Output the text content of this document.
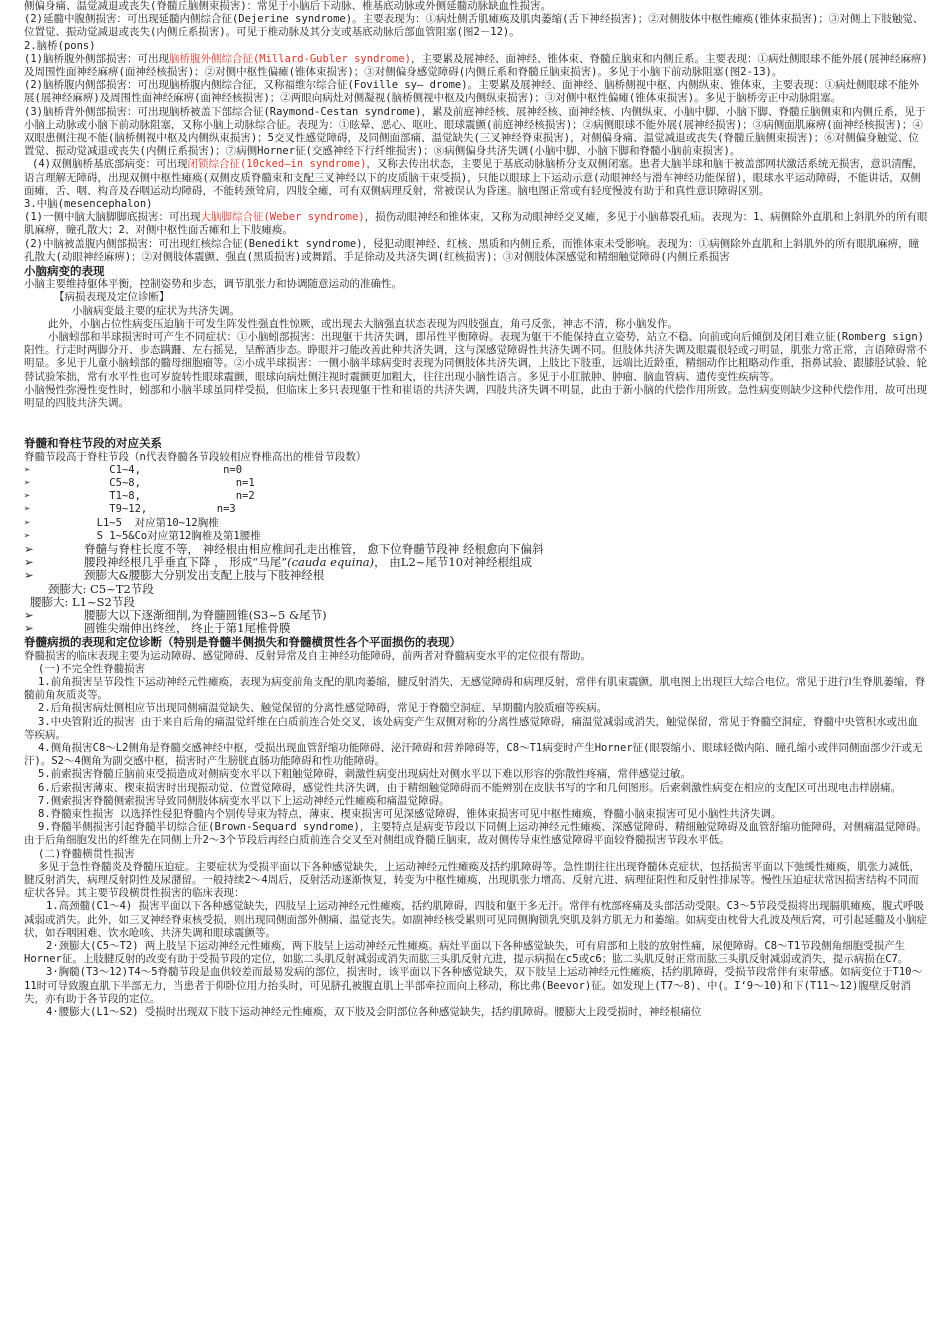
侧偏身痛、温觉减退或丧失(脊髓丘脑侧束损害)：常见于小脑后下动脉、椎基底动脉或外侧延髓动脉缺血性损害。

(2)延髓中腹侧损害：可出现延髓内侧综合征(Dejerine syndrome)。主要表现为：①病灶侧舌肌瘫痪及肌肉萎缩(舌下神经损害)；②对侧肢体中枢性瘫痪(锥体束损害)；③对侧上下肢触觉、位置觉、振动觉减退或丧失(内侧丘系损害)。可见于椎动脉及其分支或基底动脉后部血管阻塞(图2－12)。

2.脑桥(pons)

(1)脑桥腹外侧部损害：可出现脑桥腹外侧综合征(Millard-Gubler syndrome)，主要累及展神经、面神经、锥体束、脊髓丘脑束和内侧丘系。主要表现：①病灶侧眼球不能外展(展神经麻痹)及周围性面神经麻痹(面神经核损害)；②对侧中枢性偏瘫(锥体束损害)；③对侧偏身感觉障碍(内侧丘系和脊髓丘脑束损害)。多见于小脑下前动脉阻塞(图2-13)。

(2)脑桥腹内侧部损害：可出现脑桥腹内侧综合征，又称福维尔综合征(Foville sy— drome)。主要累及展神经、面神经、脑桥侧视中枢、内侧纵束、锥体束，主要表现：①病灶侧眼球不能外展(展神经麻痹)及周围性面神经麻痹(面神经核损害)；②两眼向病灶对侧凝视(脑桥侧视中枢及内侧纵束损害)；③对侧中枢性偏瘫(锥体束损害)。多见于脑桥旁正中动脉阻塞。

(3)脑桥背外侧部损害：可出现脑桥被盖下部综合征(Raymond-Cestan syndrome)，累及前庭神经核、展神经核、面神经核、内侧纵束、小脑中脚、小脑下脚、脊髓丘脑侧束和内侧丘系，见于小脑上动脉或小脑下前动脉阻塞，又称小脑上动脉综合征。表现为：①眩晕、恶心、呕吐、眼球震颤(前庭神经核损害)；②病侧眼球不能外展(展神经损害)；③病侧面肌麻痹(面神经核损害)；④双眼患侧注视不能(脑桥侧视中枢及内侧纵束损害)；5交叉性感觉障碍，及同侧面部痛、温觉缺失(三叉神经脊束损害)，对侧偏身痛、温觉减退或丧失(脊髓丘脑侧束损害)；⑥对侧偏身触觉、位置觉、振动觉减退或丧失(内侧丘系损害)；⑦病侧Horner征(交感神经下行纤维损害)；⑧病侧偏身共济失调(小脑中脚、小脑下脚和脊髓小脑前束损害)。

(4)双侧脑桥基底部病变：可出现闭锁综合征(10cked—in syndrome)，又称去传出状态，主要见于基底动脉脑桥分支双侧闭塞。患者大脑半球和脑干被盖部网状激活系统无损害，意识清醒，语言理解无障碍，出现双侧中枢性瘫痪(双侧皮质脊髓束和支配三叉神经以下的皮质脑干束受损)，只能以眼球上下运动示意(动眼神经与滑车神经功能保留)，眼球水平运动障碍，不能讲话，双侧面瘫，舌、咽、构音及吞咽运动均障碍，不能转颈耸肩，四肢全瘫，可有双侧病理反射，常被误认为昏迷。脑电图正常或有轻度慢波有助于和真性意识障碍区别。

3.中脑(mesencephalon)

(1)一侧中脑大脑脚脚底损害：可出现大脑脚综合征(Weber syndrome)，损伤动眼神经和锥体束，又称为动眼神经交叉瘫，多见于小脑幕裂孔疝。表现为：1、病侧除外直肌和上斜肌外的所有眼肌麻痹，瞳孔散大；2、对侧中枢性面舌瘫和上下肢瘫痪。

(2)中脑被盖腹内侧部损害：可出现红核综合征(Benedikt syndrome)，侵犯动眼神经、红核、黑质和内侧丘系，而锥体束未受影响。表现为：①病侧除外直肌和上斜肌外的所有眼肌麻痹，瞳孔散大(动眼神经麻痹)；②对侧肢体震颤、强直(黑质损害)或舞蹈、手足徐动及共济失调(红核损害)；③对侧肢体深感觉和精细触觉障碍(内侧丘系损害

小脑病变的表现

小脑主要维持躯体平衡，控制姿势和步态，调节肌张力和协调随意运动的准确性。

【病损表现及定位诊断】

小脑病变最主要的症状为共济失调。

此外，小脑占位性病变压迫脑干可发生阵发性强直性惊厥，或出现去大脑强直状态表现为四肢强直，角弓反张，神志不清，称小脑发作。

小脑蚓部和半球损害时可产生不同症状：①小脑蚓部损害：出现躯干共济失调，即吊性平衡障碍。表现为躯干不能保持直立姿势，站立不稳、向前或向后倾倒及闭目难立征(Romberg sign)阳性。行走时两脚分开、步态蹒跚、左右摇晃，呈醉酒步态。睁眼并刁能改善此种共济失调，这与深感觉障碍性共济失调不同。但肢体共济失调及眼震很轻或刁明显，肌张力常正常，言语障碍常不明显。多见于儿童小脑蚓部的髓母细胞瘤等。②小成半球损害：一侧小脑半球病变时表现为同侧肢体共济失调，上肢比下肢重，远端比近龄重，精细动作比粗略动作重，指鼻试验、跟膝胫试验、轮替试验笨拙，常有水平性也可岁旋转性眼球震颤，眼球向病灶侧注视时震颤更加粗大，往往出现小脑性语言。多见于小肛脓肿、肿瘤、脑血管病、遗传变性疾病等。

小脑慢性弥漫性变性时，蚓部和小脑半球虽同样受损，但临床上多只表现躯干性和崔语的共济失调，四肢共济失调不明显，此由于新小脑的代偿作用所致。急性病变则缺少这种代偿作用，故可出现明显的四肢共济失调。

脊髓和脊柱节段的对应关系

脊髓节段高于脊柱节段（n代表脊髓各节段较相应脊椎高出的椎骨节段数）

➢	C1~4,	n=0

➢	C5~8,	n=1

➢	T1~8,	n=2

➢	T9~12,	n=3

➢	L1~5  对应第10~12胸椎

➢	S 1~5&Co对应第12胸椎及第1腰椎

➢	脊髓与脊柱长度不等， 神经根由相应椎间孔走出椎管， 愈下位脊髓节段神 经根愈向下偏斜

➢	腰段神经根几乎垂直下降 ， 形成“马尾”(cauda equina)， 由L2~尾节10对神经根组成

➢	颈膨大&腰膨大分别发出支配上肢与下肢神经根

颈膨大: C5~T2节段

腰膨大: L1~S2节段

➢	腰膨大以下逐渐细削,为脊髓圆锥(S3~5 &尾节)

➢	圆锥尖端伸出终丝， 终止于第1尾椎骨膜

脊髓病损的表现和定位诊断（特别是脊髓半侧损失和脊髓横贯性各个平面损伤的表现）

脊髓损害的临床表现主要为运动障碍、感觉障碍、反射异常及自主神经功能障碍，前两者对脊髓病变水平的定位很有帮助。

(一)不完全性脊髓损害

1.前角损害呈节段性下运动神经元性瘫痪，表现为病变前角支配的肌肉萎缩，腱反射消失，无感觉障碍和病理反射，常伴有肌束震颤，肌电图上出现巨大综合电位。常见于进行Ⅰ生脊肌萎缩，脊髓前角灰质炎等。

2.后角损害病灶侧相应节出现同侧痛温觉缺失、触觉保留的分离性感觉障碍，常见于脊髓空洞症、早期髓内胶质瘤等疾病。

3.中央管附近的损害 由于来自后角的痛温觉纤维在白质前连合处交叉，该处病变产生双侧对称的分离性感觉障碍，痛温觉减弱或消失，触觉保留，常见于脊髓空洞症，脊髓中央管积水或出血等疾病。

4.侧角损害C8～L2侧角是脊髓交感神经中枢，受损出现血管舒缩功能障碍、泌汗障碍和营养障碍等，C8～T1病变时产生Horner征(眼裂缩小、眼球轻微内陷、瞳孔缩小或伴同侧面部少汗或无汗)。S2～4侧角为副交感中枢，损害时产生膀胱直肠功能障碍和性功能障碍。

5.前索损害脊髓丘脑前束受损造成对侧病变水平以下粗触觉障碍，刺激性病变出现病灶对侧水平以下难以形容的弥散性疼痛，常伴感觉过敏。

6.后索损害薄束、楔束损害时出现振动觉、位置觉障碍，感觉性共济失调，由于精细触觉障碍而不能辨别在皮肤书写的字和几何图形。后索刺激性病变在相应的支配区可出现电击样剧痛。

7.侧索损害脊髓侧索损害导致同侧肢体病变水平以下上运动神经元性瘫痪和痛温觉障碍。

8.脊髓束性损害 以选择性侵犯脊髓内个别传导束为特点，薄束、楔束损害可见深感觉障碍，锥体束损害可见中枢性瘫痪，脊髓小脑束损害可见小脑性共济失调。

9.脊髓半侧损害引起脊髓半切综合征(Brown-Sequard syndrome)，主要特点是病变节段以下同侧上运动神经元性瘫痪、深感觉障碍、精细触觉障碍及血管舒缩功能障碍，对侧痛温觉障碍。由于后角细胞发出的纤维先在同侧上升2～3个节段后再经白质前连合交叉至对侧组成脊髓丘脑束，故对侧传导束性感觉障碍平面较脊髓损害节段水平低。

(二)脊髓横贯性损害

多见于急性脊髓炎及脊髓压迫症。主要症状为受损平面以下各种感觉缺失，上运动神经元性瘫痪及括约肌障碍等。急性期往往出现脊髓休克症状，包括损害平面以下弛缓性瘫痪，肌张力减低，腱反射消失，病理反射阴性及尿潴留。一般持续2～4周后，反射活动逐渐恢复，转变为中枢性瘫痪，出现肌张力增高、反射亢进、病理征阳性和反射性排尿等。慢性压迫症状常因损害结构不同而症状各异。其主要节段横贯性损害的临床表现：

1.高颈髓(C1～4) 损害平面以下各种感觉缺失，四肢呈上运动神经元性瘫痪，括约肌障碍，四肢和躯干多无汗。常伴有枕部疼痛及头部活动受限。C3～5节段受损将出现膈肌瘫痪，腹式呼吸减弱或消失。此外，如三叉神经脊束核受损，则出现同侧面部外侧痛、温觉丧失。如副神经核受累则可见同侧胸锁乳突肌及斜方肌无力和萎缩。如病变由枕骨大孔波及颅后窝，可引起延髓及小脑症状，如吞咽困难、饮水呛咳、共济失调和眼球震颤等。

2·颈膨大(C5～T2) 两上肢呈下运动神经元性瘫痪，两下肢呈上运动神经元性瘫痪。病灶平面以下各种感觉缺失，可有肩部和上肢的放射性痛，尿便障碍。C8～T1节段侧角细胞受损产生Horner征。上肢腱反射的改变有助于受损节段的定位，如肱二头肌反射减弱或消失而肱三头肌反射亢进，提示病损在c5或c6；肱二头肌反射正常而肱三头肌反射减弱或消失，提示病损在C7。

3·胸髓(T3～12)T4～5脊髓节段是血供较差而最易发病的部位，损害时，该平面以下各种感觉缺失，双下肢呈上运动神经元性瘫痪，括约肌障碍，受损节段常伴有束带感。如病变位于T10～11时可导致腹直肌下半部无力，当患者于仰卧位用力抬头时，可见脐孔被腹直肌上半部牵拉而向上移动，称比弗(Beevor)征。如发现上(T7～8)、中(。I‘9～10)和下(T11～12)腹壁反射消失，亦有助于各节段的定位。

4·腰膨大(L1～S2) 受损时出现双下肢下运动神经元性瘫痪，双下肢及会阴部位各种感觉缺失，括约肌障碍。腰膨大上段受损时，神经根痛位
